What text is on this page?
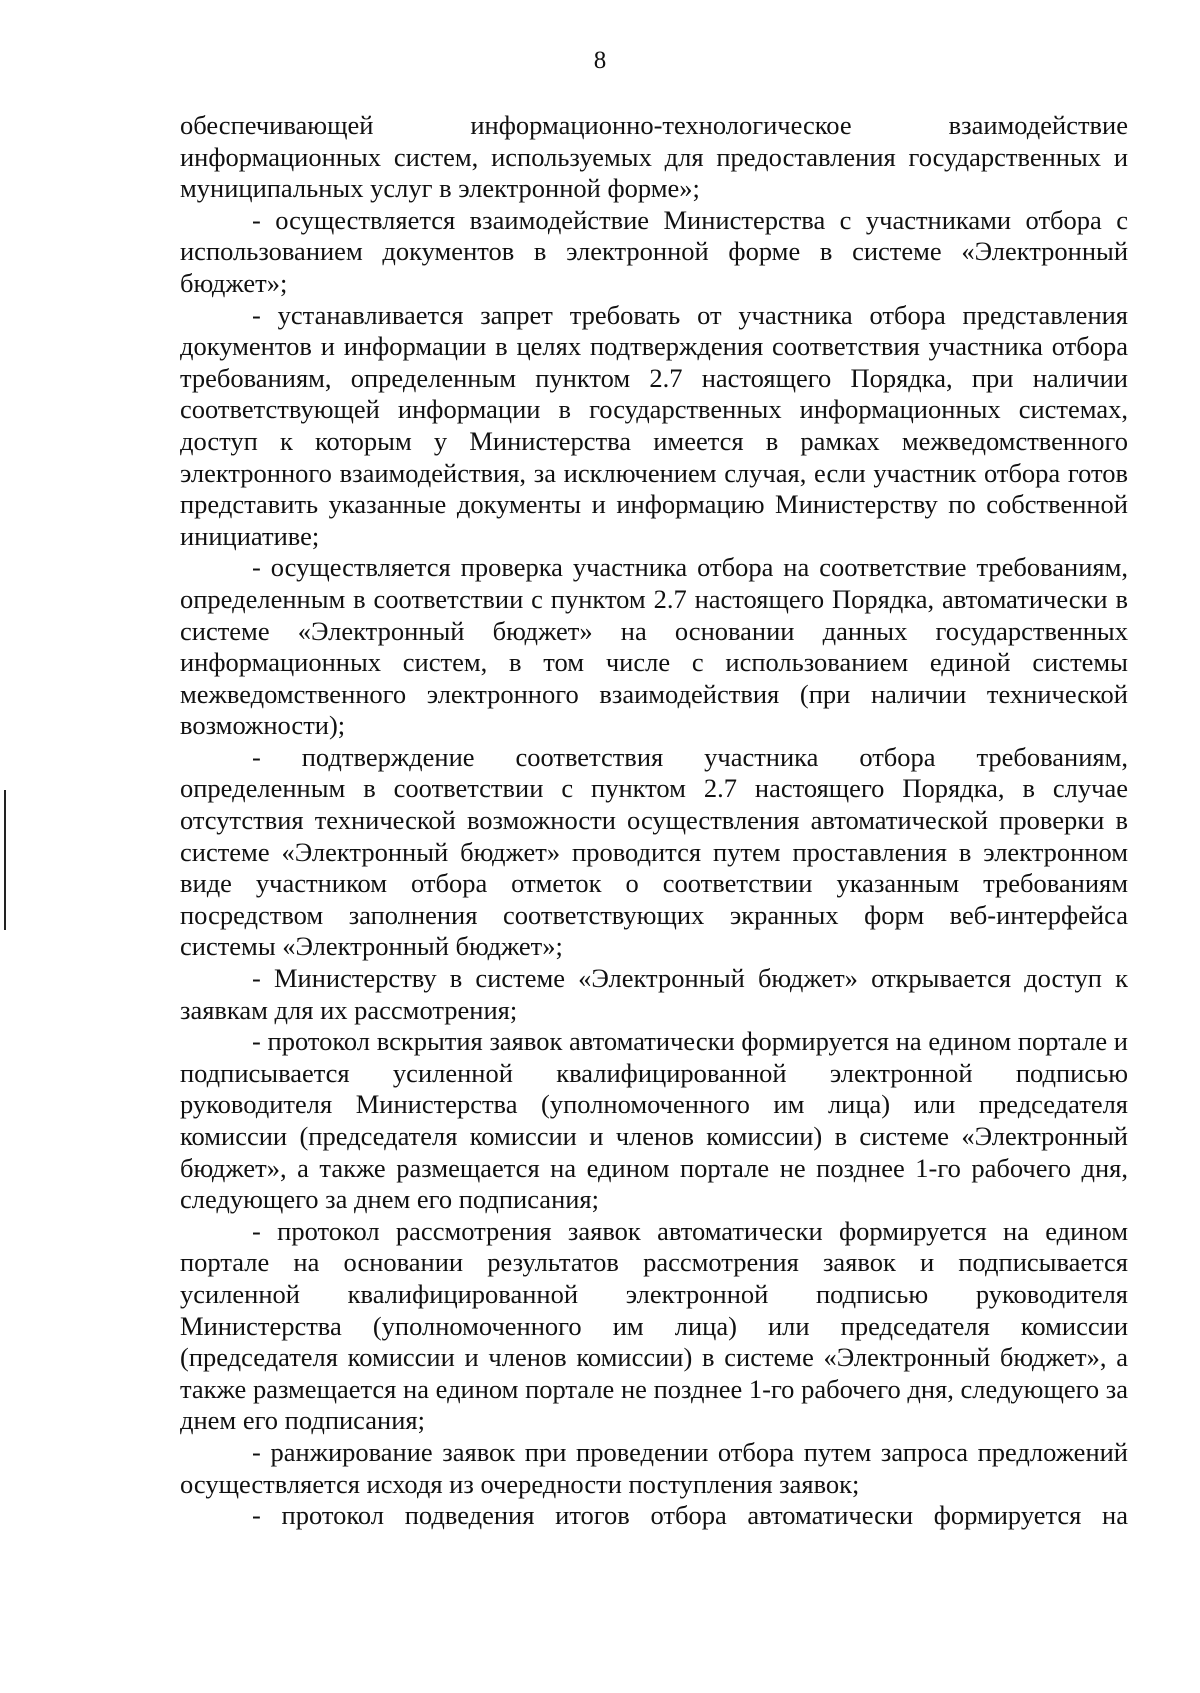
8

обеспечивающей информационно-технологическое взаимодействие информационных систем, используемых для предоставления государственных и муниципальных услуг в электронной форме»;

- осуществляется взаимодействие Министерства с участниками отбора с использованием документов в электронной форме в системе «Электронный бюджет»;

- устанавливается запрет требовать от участника отбора представления документов и информации в целях подтверждения соответствия участника отбора требованиям, определенным пунктом 2.7 настоящего Порядка, при наличии соответствующей информации в государственных информационных системах, доступ к которым у Министерства имеется в рамках межведомственного электронного взаимодействия, за исключением случая, если участник отбора готов представить указанные документы и информацию Министерству по собственной инициативе;

- осуществляется проверка участника отбора на соответствие требованиям, определенным в соответствии с пунктом 2.7 настоящего Порядка, автоматически в системе «Электронный бюджет» на основании данных государственных информационных систем, в том числе с использованием единой системы межведомственного электронного взаимодействия (при наличии технической возможности);

- подтверждение соответствия участника отбора требованиям, определенным в соответствии с пунктом 2.7 настоящего Порядка, в случае отсутствия технической возможности осуществления автоматической проверки в системе «Электронный бюджет» проводится путем проставления в электронном виде участником отбора отметок о соответствии указанным требованиям посредством заполнения соответствующих экранных форм веб-интерфейса системы «Электронный бюджет»;

- Министерству в системе «Электронный бюджет» открывается доступ к заявкам для их рассмотрения;

- протокол вскрытия заявок автоматически формируется на едином портале и подписывается усиленной квалифицированной электронной подписью руководителя Министерства (уполномоченного им лица) или председателя комиссии (председателя комиссии и членов комиссии) в системе «Электронный бюджет», а также размещается на едином портале не позднее 1-го рабочего дня, следующего за днем его подписания;

- протокол рассмотрения заявок автоматически формируется на едином портале на основании результатов рассмотрения заявок и подписывается усиленной квалифицированной электронной подписью руководителя Министерства (уполномоченного им лица) или председателя комиссии (председателя комиссии и членов комиссии) в системе «Электронный бюджет», а также размещается на едином портале не позднее 1-го рабочего дня, следующего за днем его подписания;

- ранжирование заявок при проведении отбора путем запроса предложений осуществляется исходя из очередности поступления заявок;

- протокол подведения итогов отбора автоматически формируется на
